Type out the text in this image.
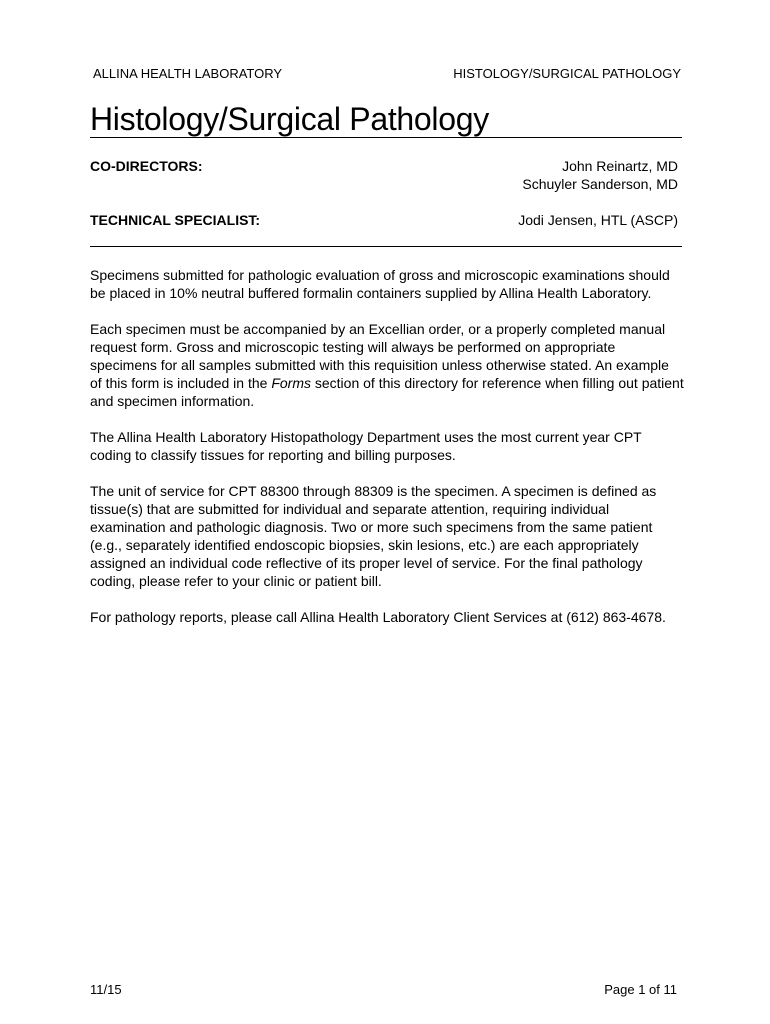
ALLINA HEALTH LABORATORY	HISTOLOGY/SURGICAL PATHOLOGY
Histology/Surgical Pathology
CO-DIRECTORS:	John Reinartz, MD
Schuyler Sanderson, MD
TECHNICAL SPECIALIST:	Jodi Jensen, HTL (ASCP)

Specimens submitted for pathologic evaluation of gross and microscopic examinations should be placed in 10% neutral buffered formalin containers supplied by Allina Health Laboratory.

Each specimen must be accompanied by an Excellian order, or a properly completed manual request form. Gross and microscopic testing will always be performed on appropriate specimens for all samples submitted with this requisition unless otherwise stated. An example of this form is included in the Forms section of this directory for reference when filling out patient and specimen information.

The Allina Health Laboratory Histopathology Department uses the most current year CPT coding to classify tissues for reporting and billing purposes.

The unit of service for CPT 88300 through 88309 is the specimen. A specimen is defined as tissue(s) that are submitted for individual and separate attention, requiring individual examination and pathologic diagnosis. Two or more such specimens from the same patient (e.g., separately identified endoscopic biopsies, skin lesions, etc.) are each appropriately assigned an individual code reflective of its proper level of service. For the final pathology coding, please refer to your clinic or patient bill.

For pathology reports, please call Allina Health Laboratory Client Services at (612) 863-4678.

11/15	Page 1 of 11
